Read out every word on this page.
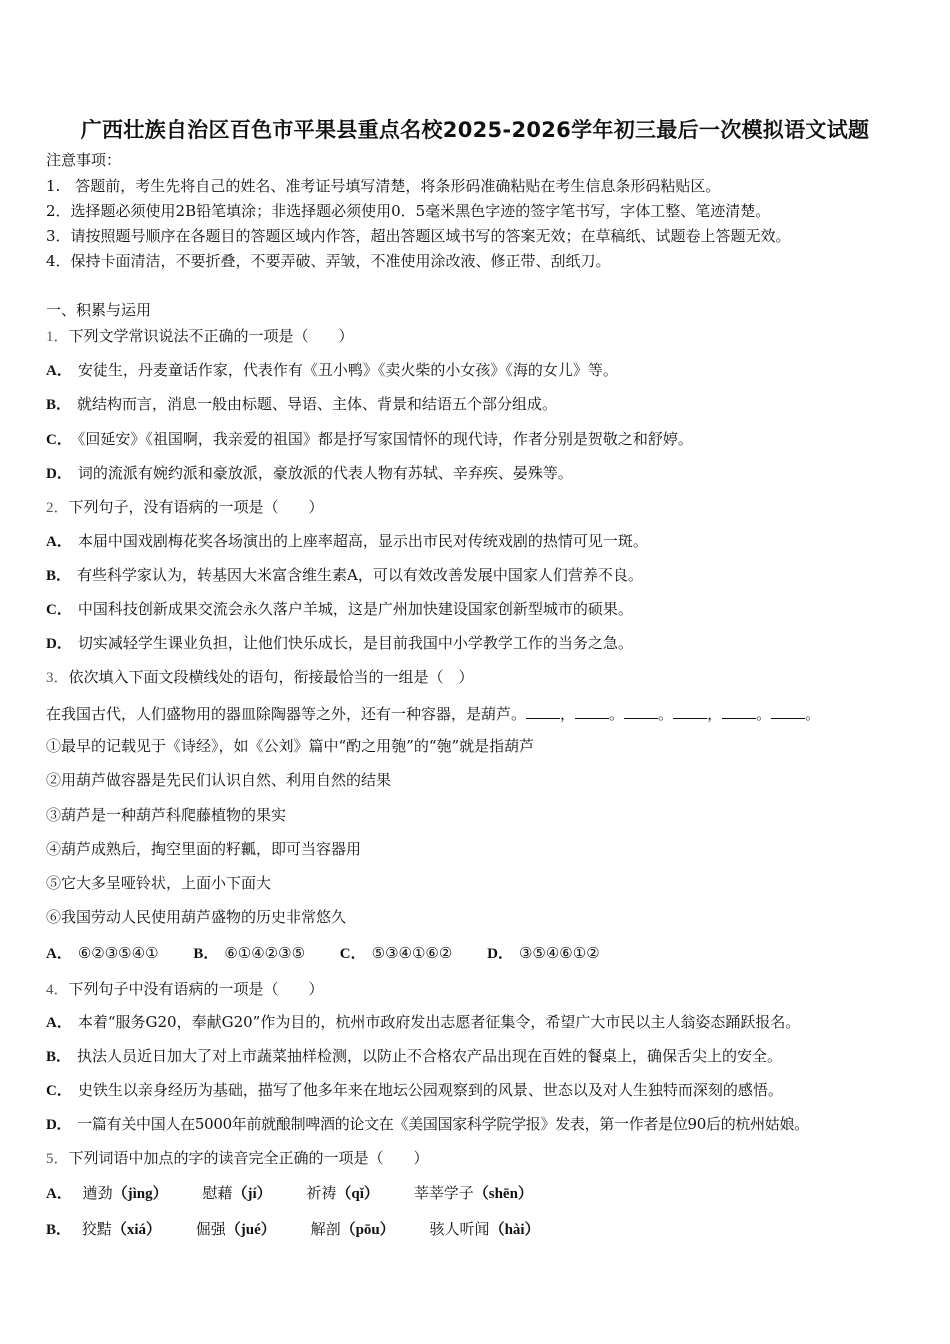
广西壮族自治区百色市平果县重点名校2025-2026学年初三最后一次模拟语文试题
注意事项：
1.　答题前，考生先将自己的姓名、准考证号填写清楚，将条形码准确粘贴在考生信息条形码粘贴区。
2．选择题必须使用2B铅笔填涂；非选择题必须使用0．5毫米黑色字迹的签字笔书写，字体工整、笔迹清楚。
3．请按照题号顺序在各题目的答题区域内作答，超出答题区域书写的答案无效；在草稿纸、试题卷上答题无效。
4．保持卡面清洁，不要折叠，不要弄破、弄皱，不准使用涂改液、修正带、刮纸刀。
一、积累与运用
1．下列文学常识说法不正确的一项是（　　）
A． 安徒生，丹麦童话作家，代表作有《丑小鸭》《卖火柴的小女孩》《海的女儿》等。
B． 就结构而言，消息一般由标题、导语、主体、背景和结语五个部分组成。
C． 《回延安》《祖国啊，我亲爱的祖国》都是抒写家国情怀的现代诗，作者分别是贺敬之和舒婷。
D． 词的流派有婉约派和豪放派，豪放派的代表人物有苏轼、辛弃疾、晏殊等。
2．下列句子，没有语病的一项是（　　）
A． 本届中国戏剧梅花奖各场演出的上座率超高，显示出市民对传统戏剧的热情可见一斑。
B． 有些科学家认为，转基因大米富含维生素A，可以有效改善发展中国家人们营养不良。
C． 中国科技创新成果交流会永久落户羊城，这是广州加快建设国家创新型城市的硕果。
D． 切实减轻学生课业负担，让他们快乐成长，是目前我国中小学教学工作的当务之急。
3．依次填入下面文段横线处的语句，衔接最恰当的一组是（　）
在我国古代，人们盛物用的器皿除陶器等之外，还有一种容器，是葫芦。 ， 。 。 ， 。 。
①最早的记载见于《诗经》，如《公刘》篇中“酌之用匏”的“匏”就是指葫芦
②用葫芦做容器是先民们认识自然、利用自然的结果
③葫芦是一种葫芦科爬藤植物的果实
④葫芦成熟后，掏空里面的籽瓤，即可当容器用
⑤它大多呈哑铃状，上面小下面大
⑥我国劳动人民使用葫芦盛物的历史非常悠久
A． ⑥②③⑤④① B． ⑥①④②③⑤ C． ⑤③④①⑥② D． ③⑤④⑥①②
4．下列句子中没有语病的一项是（　　）
A． 本着“服务G20，奉献G20”作为目的，杭州市政府发出志愿者征集令，希望广大市民以主人翁姿态踊跃报名。
B． 执法人员近日加大了对上市蔬菜抽样检测，以防止不合格农产品出现在百姓的餐桌上，确保舌尖上的安全。
C． 史铁生以亲身经历为基础，描写了他多年来在地坛公园观察到的风景、世态以及对人生独特而深刻的感悟。
D． 一篇有关中国人在5000年前就酿制啤酒的论文在《美国国家科学院学报》发表，第一作者是位90后的杭州姑娘。
5．下列词语中加点的字的读音完全正确的一项是（　　）
A． 遒劲（jìng） 慰藉（jí） 祈祷（qǐ） 莘莘学子（shēn）
B． 狡黠（xiá） 倔强（jué） 解剖（pōu） 骇人听闻（hài）
